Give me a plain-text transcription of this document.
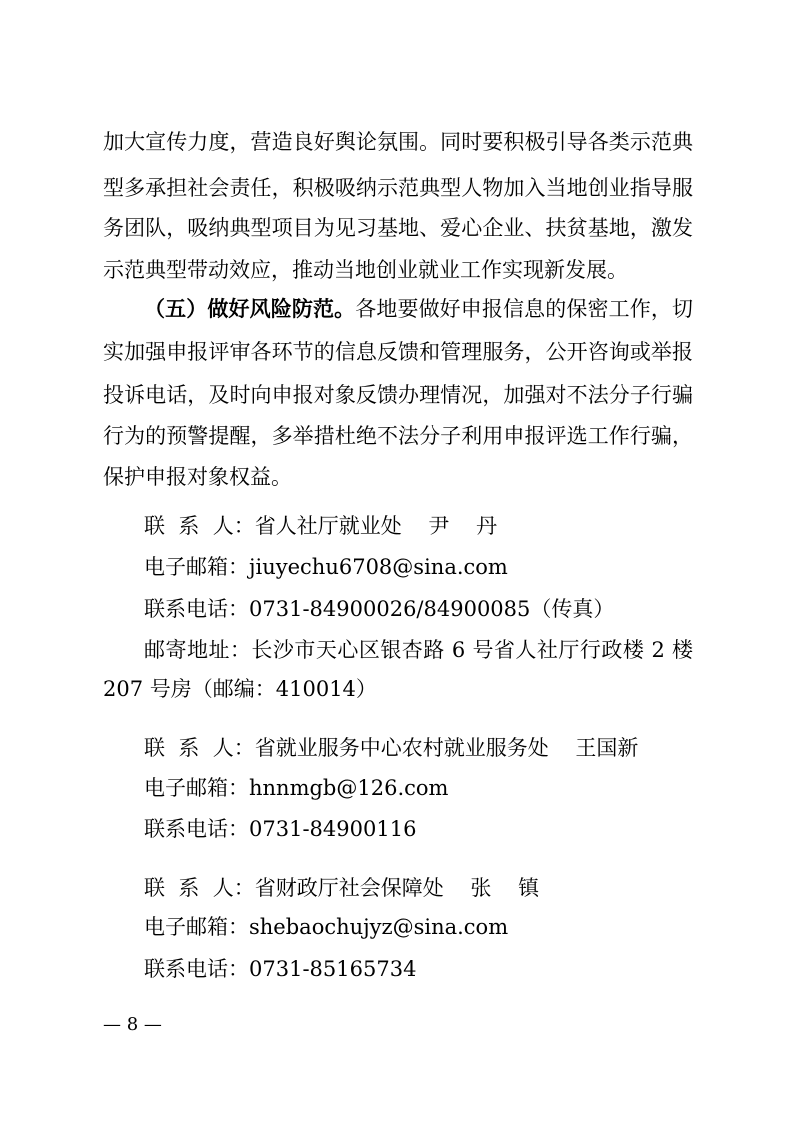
加大宣传力度，营造良好舆论氛围。同时要积极引导各类示范典
型多承担社会责任，积极吸纳示范典型人物加入当地创业指导服
务团队，吸纳典型项目为见习基地、爱心企业、扶贫基地，激发
示范典型带动效应，推动当地创业就业工作实现新发展。
（五）做好风险防范。各地要做好申报信息的保密工作，切
实加强申报评审各环节的信息反馈和管理服务，公开咨询或举报
投诉电话，及时向申报对象反馈办理情况，加强对不法分子行骗
行为的预警提醒，多举措杜绝不法分子利用申报评选工作行骗，
保护申报对象权益。
联  系  人：省人社厅就业处    尹    丹
电子邮箱：jiuyechu6708@sina.com
联系电话：0731-84900026/84900085（传真）
邮寄地址：长沙市天心区银杏路 6 号省人社厅行政楼 2 楼
207 号房（邮编：410014）
联  系  人：省就业服务中心农村就业服务处    王国新
电子邮箱：hnnmgb@126.com
联系电话：0731-84900116
联  系  人：省财政厅社会保障处    张    镇
电子邮箱：shebaochujyz@sina.com
联系电话：0731-85165734
— 8 —
